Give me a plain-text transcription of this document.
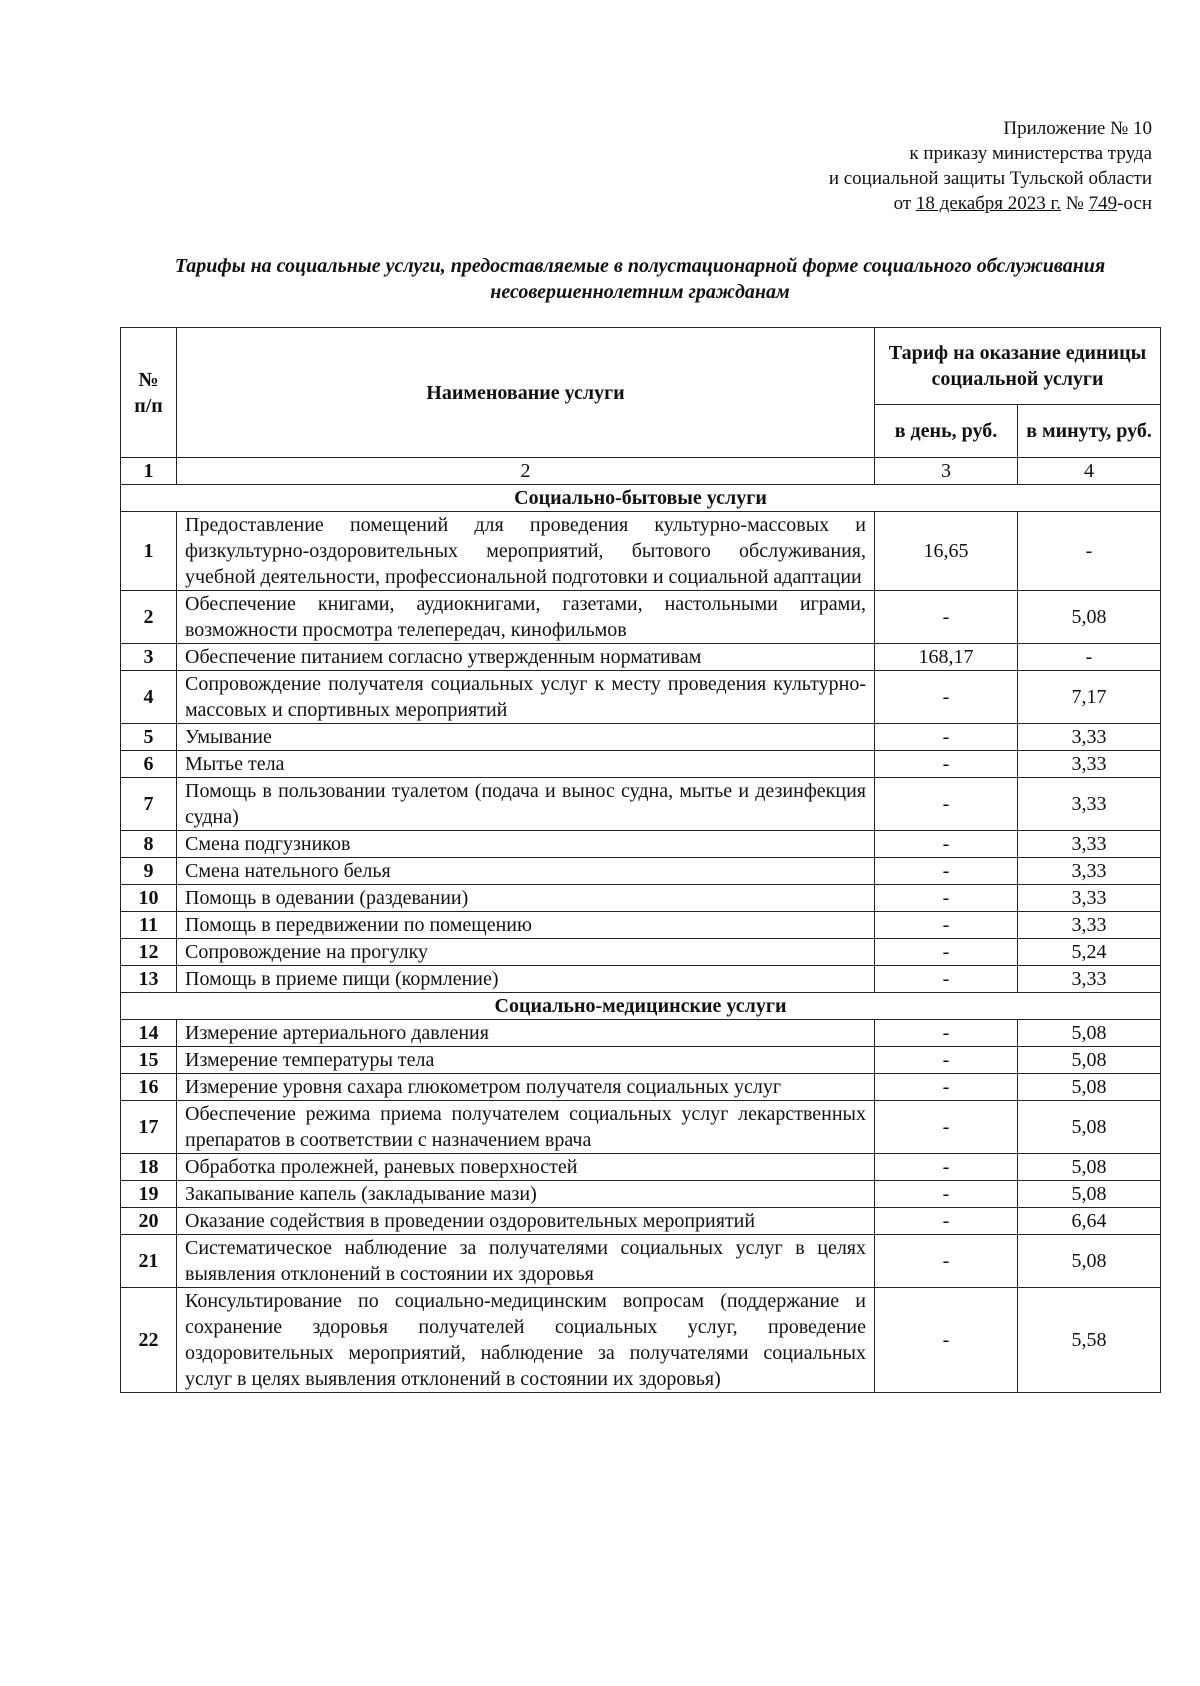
Приложение № 10
к приказу министерства труда
и социальной защиты Тульской области
от 18 декабря 2023 г. № 749-осн
Тарифы на социальные услуги, предоставляемые в полустационарной форме социального обслуживания несовершеннолетним гражданам
№ п/п	Наименование услуги	Тариф на оказание единицы социальной услуги	
		в день, руб.	в минуту, руб.
1	2	3	4
Социально-бытовые услуги			
1	Предоставление помещений для проведения культурно-массовых и физкультурно-оздоровительных мероприятий, бытового обслуживания, учебной деятельности, профессиональной подготовки и социальной адаптации	16,65	-
2	Обеспечение книгами, аудиокнигами, газетами, настольными играми, возможности просмотра телепередач, кинофильмов	-	5,08
3	Обеспечение питанием согласно утвержденным нормативам	168,17	-
4	Сопровождение получателя социальных услуг к месту проведения культурно-массовых и спортивных мероприятий	-	7,17
5	Умывание	-	3,33
6	Мытье тела	-	3,33
7	Помощь в пользовании туалетом (подача и вынос судна, мытье и дезинфекция судна)	-	3,33
8	Смена подгузников	-	3,33
9	Смена нательного белья	-	3,33
10	Помощь в одевании (раздевании)	-	3,33
11	Помощь в передвижении по помещению	-	3,33
12	Сопровождение на прогулку	-	5,24
13	Помощь в приеме пищи (кормление)	-	3,33
Социально-медицинские услуги			
14	Измерение артериального давления	-	5,08
15	Измерение температуры тела	-	5,08
16	Измерение уровня сахара глюкометром получателя социальных услуг	-	5,08
17	Обеспечение режима приема получателем социальных услуг лекарственных препаратов в соответствии с назначением врача	-	5,08
18	Обработка пролежней, раневых поверхностей	-	5,08
19	Закапывание капель (закладывание мази)	-	5,08
20	Оказание содействия в проведении оздоровительных мероприятий	-	6,64
21	Систематическое наблюдение за получателями социальных услуг в целях выявления отклонений в состоянии их здоровья	-	5,08
22	Консультирование по социально-медицинским вопросам (поддержание и сохранение здоровья получателей социальных услуг, проведение оздоровительных мероприятий, наблюдение за получателями социальных услуг в целях выявления отклонений в состоянии их здоровья)	-	5,58
